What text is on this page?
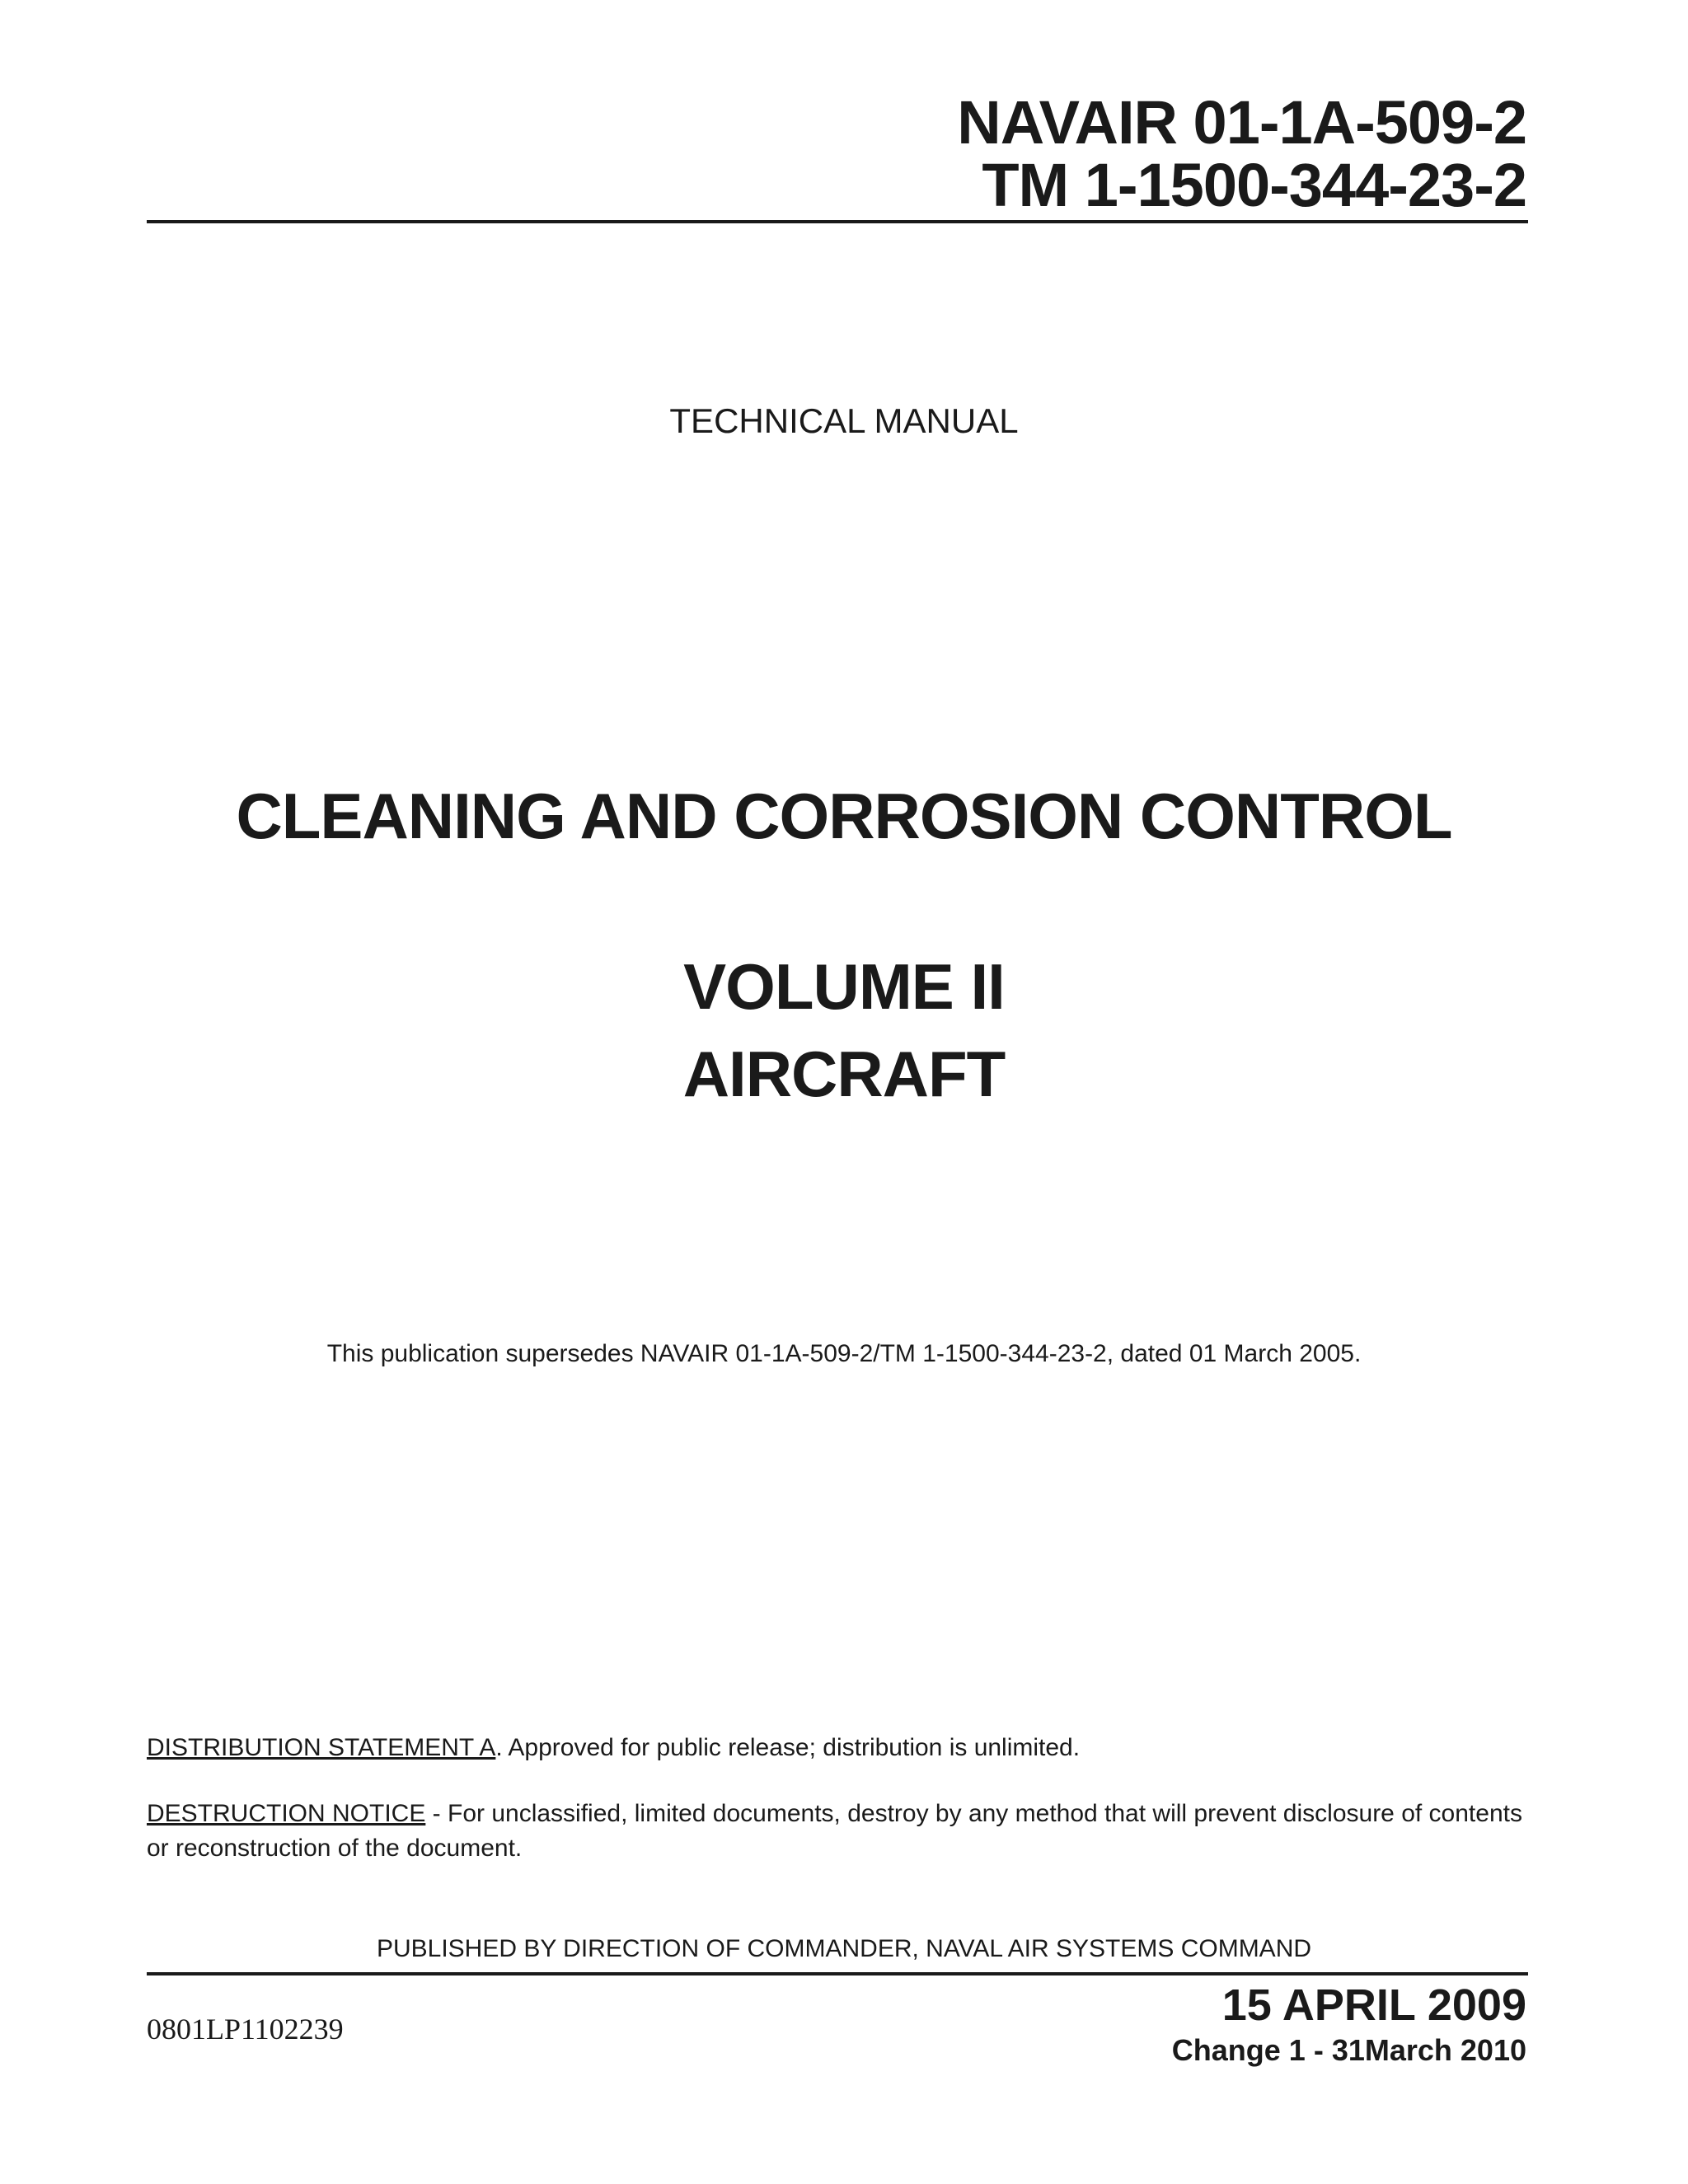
NAVAIR 01-1A-509-2
TM 1-1500-344-23-2
TECHNICAL MANUAL
CLEANING AND CORROSION CONTROL
VOLUME II
AIRCRAFT
This publication supersedes NAVAIR 01-1A-509-2/TM 1-1500-344-23-2, dated 01 March 2005.
DISTRIBUTION STATEMENT A. Approved for public release; distribution is unlimited.
DESTRUCTION NOTICE - For unclassified, limited documents, destroy by any method that will prevent disclosure of contents or reconstruction of the document.
PUBLISHED BY DIRECTION OF COMMANDER, NAVAL AIR SYSTEMS COMMAND
0801LP1102239	15 APRIL 2009
Change 1 - 31March 2010
